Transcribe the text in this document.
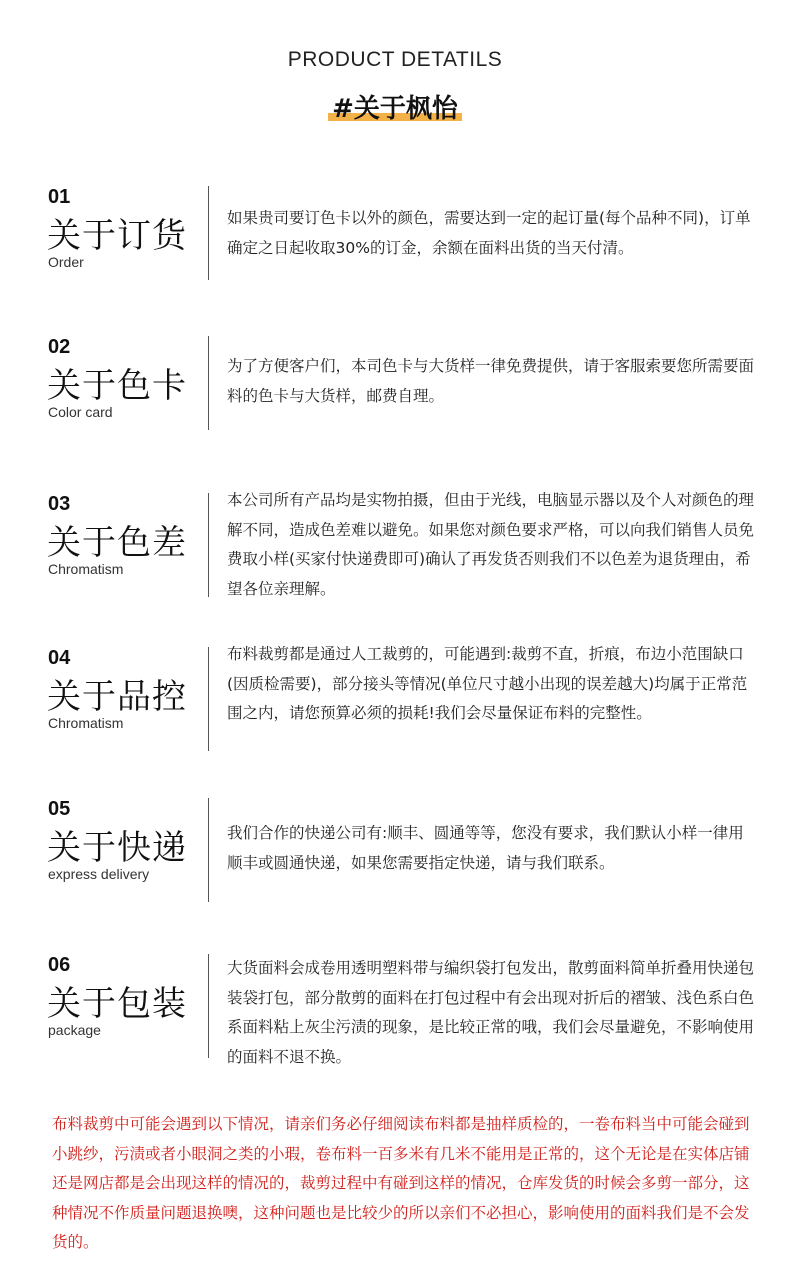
PRODUCT DETATILS
#关于枫怡
01
关于订货
Order
如果贵司要订色卡以外的颜色，需要达到一定的起订量(每个品种不同)，订单确定之日起收取30%的订金，余额在面料出货的当天付清。
02
关于色卡
Color card
为了方便客户们，本司色卡与大货样一律免费提供，请于客服索要您所需要面料的色卡与大货样，邮费自理。
03
关于色差
Chromatism
本公司所有产品均是实物拍摄，但由于光线，电脑显示器以及个人对颜色的理解不同，造成色差难以避免。如果您对颜色要求严格，可以向我们销售人员免费取小样(买家付快递费即可)确认了再发货否则我们不以色差为退货理由，希望各位亲理解。
04
关于品控
Chromatism
布料裁剪都是通过人工裁剪的，可能遇到:裁剪不直，折痕，布边小范围缺口(因质检需要)，部分接头等情况(单位尺寸越小出现的误差越大)均属于正常范围之内，请您预算必须的损耗!我们会尽量保证布料的完整性。
05
关于快递
express delivery
我们合作的快递公司有:顺丰、圆通等等，您没有要求，我们默认小样一律用顺丰或圆通快递，如果您需要指定快递，请与我们联系。
06
关于包装
package
大货面料会成卷用透明塑料带与编织袋打包发出，散剪面料简单折叠用快递包装袋打包，部分散剪的面料在打包过程中有会出现对折后的褶皱、浅色系白色系面料粘上灰尘污渍的现象，是比较正常的哦，我们会尽量避免，不影响使用的面料不退不换。
布料裁剪中可能会遇到以下情况，请亲们务必仔细阅读布料都是抽样质检的，一卷布料当中可能会碰到小跳纱，污渍或者小眼洞之类的小瑕，卷布料一百多米有几米不能用是正常的，这个无论是在实体店铺还是网店都是会出现这样的情况的，裁剪过程中有碰到这样的情况，仓库发货的时候会多剪一部分，这种情况不作质量问题退换噢，这种问题也是比较少的所以亲们不必担心，影响使用的面料我们是不会发货的。
